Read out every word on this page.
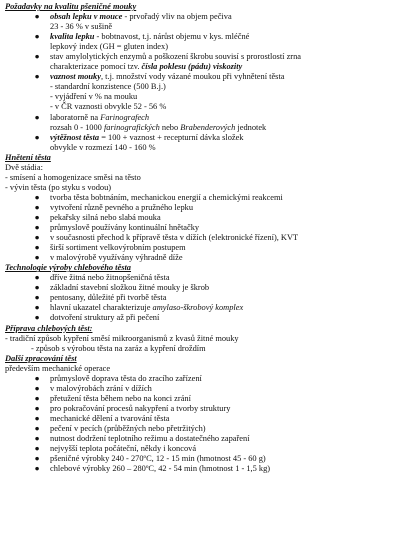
Požadavky na kvalitu pšeničné mouky
● obsah lepku v mouce - prvořadý vliv na objem pečiva
23 - 36 % v sušině
● kvalita lepku - bobtnavost, t.j. nárůst objemu v kys. mléčné
lepkový index (GH = gluten index)
● stav amylolytických enzymů a poškození škrobu souvisí s prorostlostí zrna
charakterizace pomocí tzv. čísla poklesu (pádu) viskozity
● vaznost mouky, t.j. množství vody vázané moukou při vyhnětení těsta
- standardní konzistence (500 B.j.)
- vyjádření v % na mouku
- v ČR vaznosti obvykle 52 - 56 %
● laboratorně na Farinografech
rozsah 0 - 1000 farinografických nebo Brabenderových jednotek
● výtěžnost těsta = 100 + vaznost + recepturní dávka složek
obvykle v rozmezí 140 - 160 %
Hnětení těsta
Dvě stádia:
- smísení a homogenizace směsi na těsto
- vývin těsta (po styku s vodou)
● tvorba těsta bobtnáním, mechanickou energií a chemickými reakcemi
● vytvoření různě pevného a pružného lepku
● pekařsky silná nebo slabá mouka
● průmyslově používány kontinuální hnětačky
● v současnosti přechod k přípravě těsta v dížích (elektronické řízení), KVT
● širší sortiment velkovýrobním postupem
● v malovýrobě využívány výhradně díže
Technologie výroby chlebového těsta
● dříve žitná nebo žitnopšeničná těsta
● základní stavební složkou žitné mouky je škrob
● pentosany, důležité při tvorbě těsta
● hlavní ukazatel charakterizuje amylaso-škrobový komplex
● dotvoření struktury až při pečení
Příprava chlebových těst:
- tradiční způsob kypření směsí mikroorganismů z kvasů žitné mouky
- způsob s výrobou těsta na zaráz a kypření droždím
Další zpracování těst
především mechanické operace
● průmyslově doprava těsta do zracího zařízení
● v malovýrobách zrání v dížích
● přetužení těsta během nebo na konci zrání
● pro pokračování procesů nakypření a tvorby struktury
● mechanické dělení a tvarování těsta
● pečení v pecích (průběžných nebo přetržitých)
● nutnost dodržení teplotního režimu a dostatečného zapaření
● nejvyšší teplota počáteční, někdy i koncová
● pšeničné výrobky 240 - 270ºC, 12 - 15 min (hmotnost 45 - 60 g)
● chlebové výrobky 260 – 280ºC, 42 - 54 min (hmotnost 1 - 1,5 kg)
